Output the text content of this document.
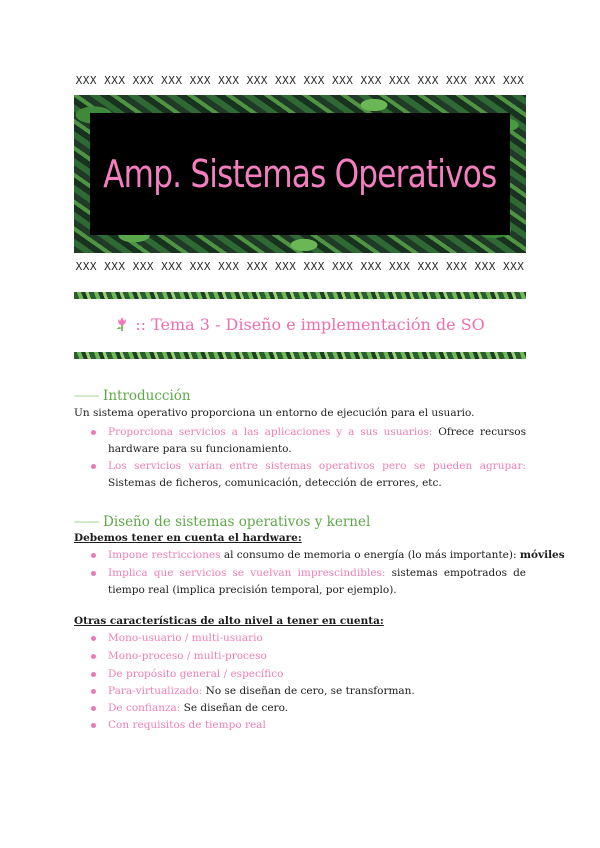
XXX XXX XXX XXX XXX XXX XXX XXX XXX XXX XXX XXX XXX XXX XXX XXX
Amp. Sistemas Operativos
XXX XXX XXX XXX XXX XXX XXX XXX XXX XXX XXX XXX XXX XXX XXX XXX
:: Tema 3 - Diseño e implementación de SO
—— Introducción
Un sistema operativo proporciona un entorno de ejecución para el usuario.
Proporciona servicios a las aplicaciones y a sus usuarios: Ofrece recursos hardware para su funcionamiento.
Los servicios varían entre sistemas operativos pero se pueden agrupar: Sistemas de ficheros, comunicación, detección de errores, etc.
—— Diseño de sistemas operativos y kernel
Debemos tener en cuenta el hardware:
Impone restricciones al consumo de memoria o energía (lo más importante): móviles
Implica que servicios se vuelvan imprescindibles: sistemas empotrados de tiempo real (implica precisión temporal, por ejemplo).
Otras características de alto nivel a tener en cuenta:
Mono-usuario / multi-usuario
Mono-proceso / multi-proceso
De propósito general / específico
Para-virtualizado: No se diseñan de cero, se transforman.
De confianza: Se diseñan de cero.
Con requisitos de tiempo real
